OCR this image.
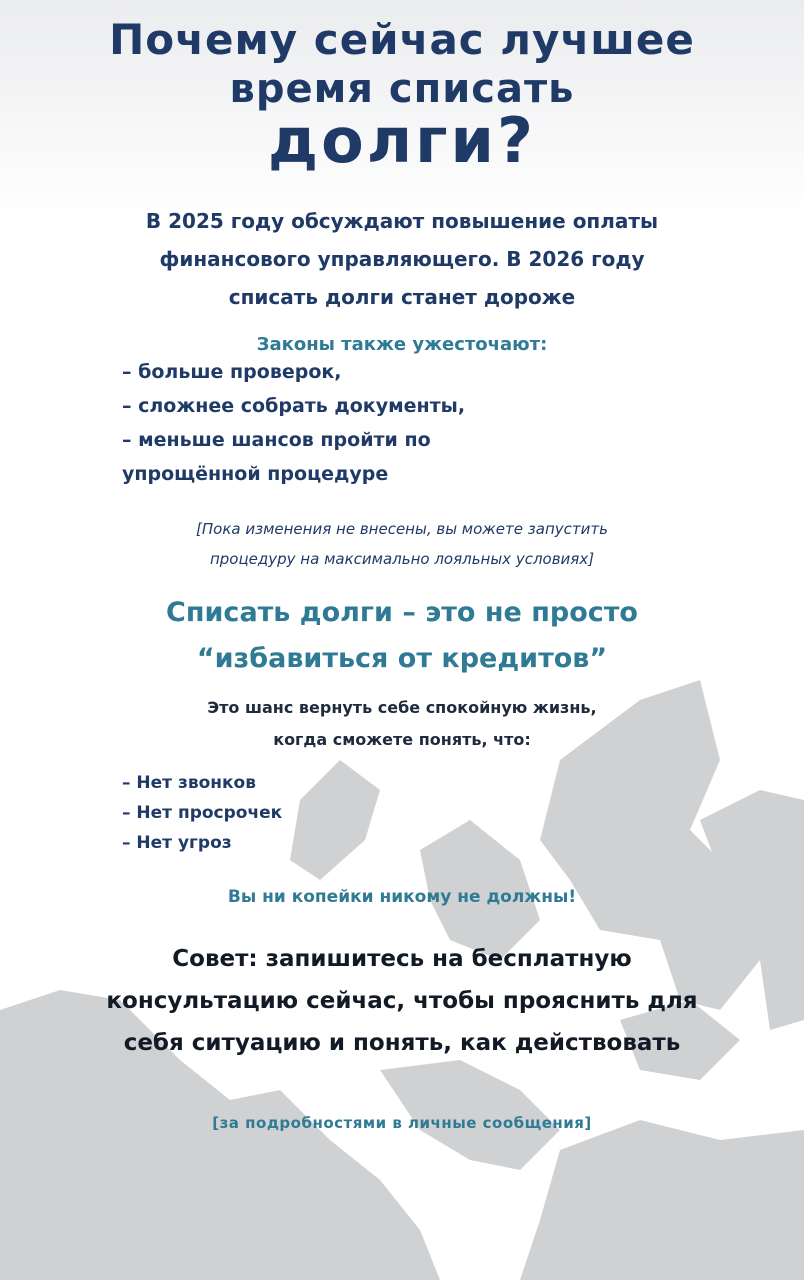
Почему сейчас лучшее
время списать
долги?
В 2025 году обсуждают повышение оплаты
финансового управляющего. В 2026 году
списать долги станет дороже
Законы также ужесточают:
– больше проверок,
– сложнее собрать документы,
– меньше шансов пройти по
упрощённой процедуре
[Пока изменения не внесены, вы можете запустить
процедуру на максимально лояльных условиях]
Списать долги – это не просто
“избавиться от кредитов”
Это шанс вернуть себе спокойную жизнь,
когда сможете понять, что:
– Нет звонков
– Нет просрочек
– Нет угроз
Вы ни копейки никому не должны!
Совет: запишитесь на бесплатную
консультацию сейчас, чтобы прояснить для
себя ситуацию и понять, как действовать
[за подробностями в личные сообщения]
